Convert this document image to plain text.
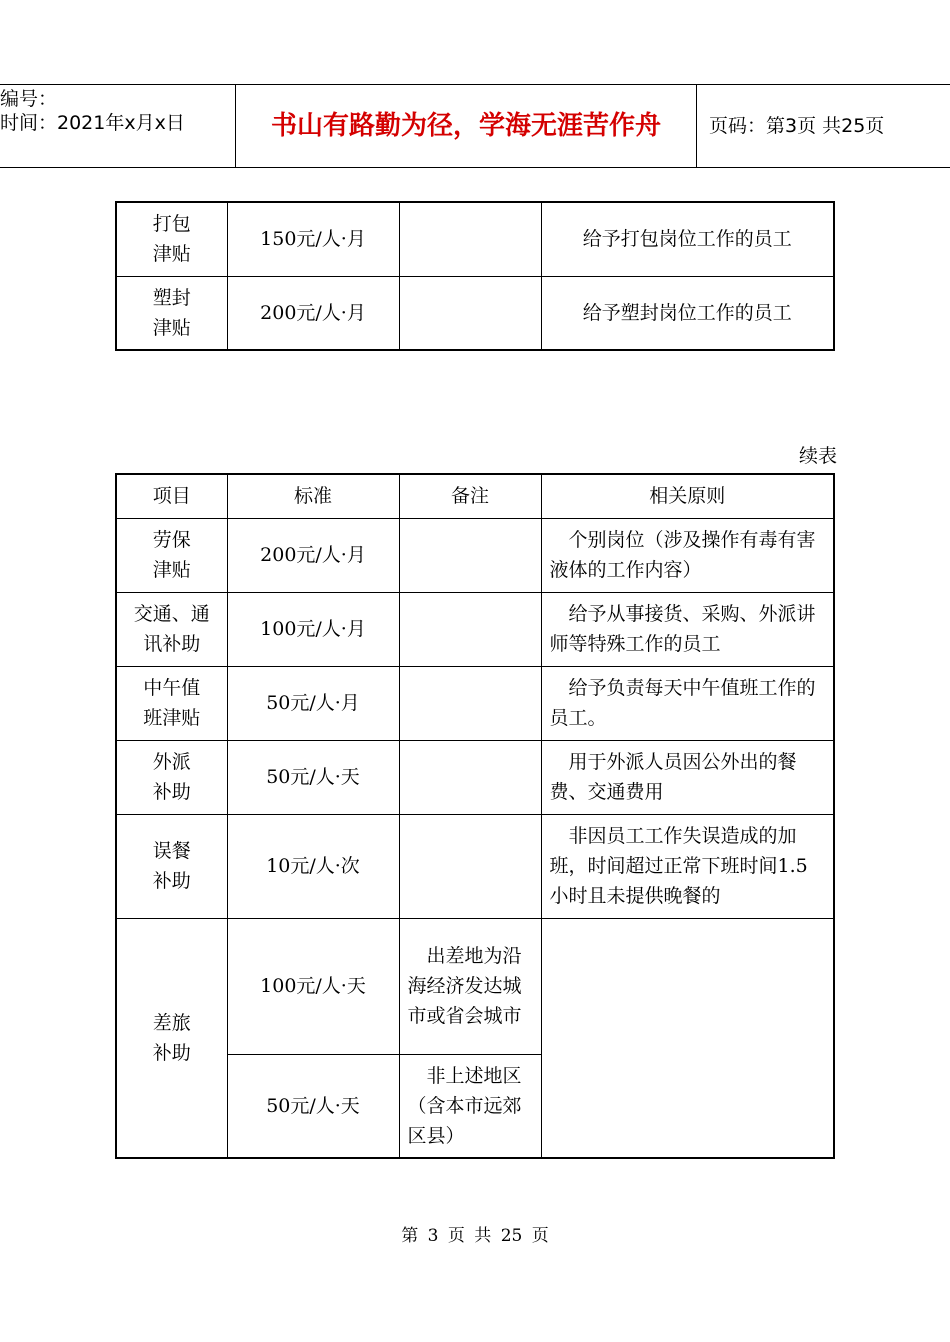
编号：
时间：2021年x月x日	书山有路勤为径，学海无涯苦作舟	页码：第3页 共25页
打包津贴	150元/人·月		给予打包岗位工作的员工
塑封津贴	200元/人·月		给予塑封岗位工作的员工
续表
项目	标准	备注	相关原则
劳保津贴	200元/人·月		个别岗位（涉及操作有毒有害液体的工作内容）
交通、通讯补助	100元/人·月		给予从事接货、采购、外派讲师等特殊工作的员工
中午值班津贴	50元/人·月		给予负责每天中午值班工作的员工。
外派补助	50元/人·天		用于外派人员因公外出的餐费、交通费用
误餐补助	10元/人·次		非因员工工作失误造成的加班，时间超过正常下班时间1.5小时且未提供晚餐的
差旅补助	100元/人·天	出差地为沿海经济发达城市或省会城市	
	50元/人·天	非上述地区（含本市远郊区县）	
第 3 页 共 25 页
